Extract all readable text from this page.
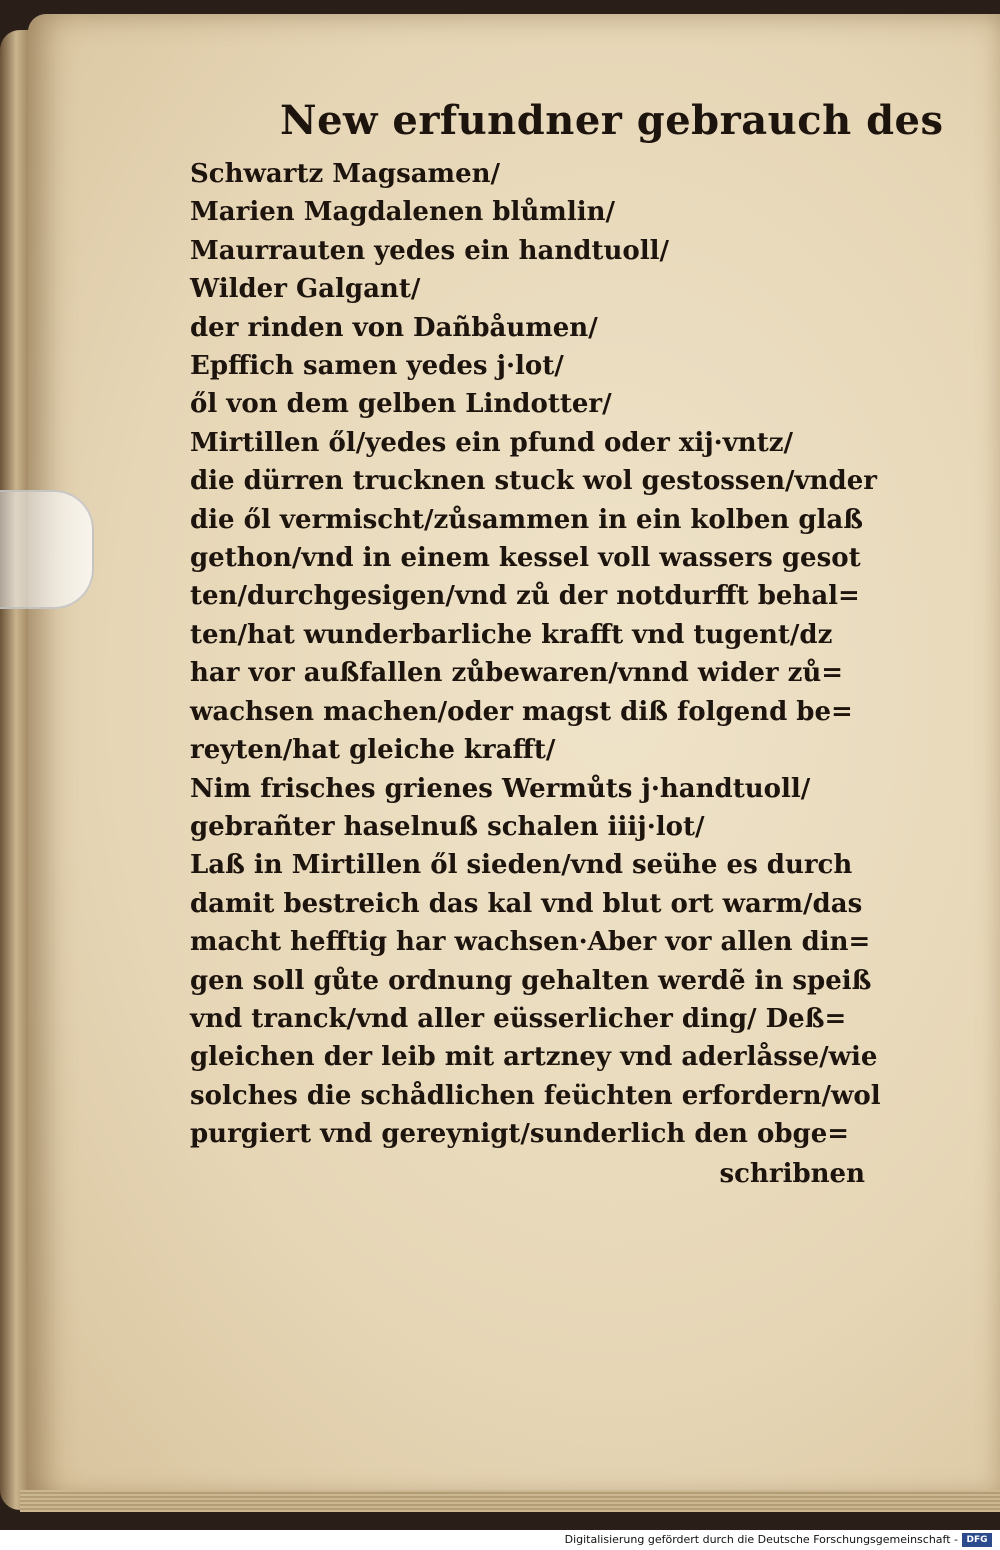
New erfundner gebrauch des
Schwartz Magsamen/
Marien Magdalenen blůmlin/
Maurrauten yedes ein handtuoll/
Wilder Galgant/
der rinden von Dañbåumen/
Epffich samen yedes j·lot/
ől von dem gelben Lindotter/
Mirtillen ől/yedes ein pfund oder xij·vntz/
die dürren trucknen stuck wol gestossen/vnder
die ől vermischt/zůsammen in ein kolben glaß
gethon/vnd in einem kessel voll wassers gesot
ten/durchgesigen/vnd zů der notdurfft behal=
ten/hat wunderbarliche krafft vnd tugent/dz
har vor außfallen zůbewaren/vnnd wider zů=
wachsen machen/oder magst diß folgend be=
reyten/hat gleiche krafft/
Nim frisches grienes Wermůts j·handtuoll/
gebrañter haselnuß schalen iiij·lot/
Laß in Mirtillen ől sieden/vnd seühe es durch
damit bestreich das kal vnd blut ort warm/das
macht hefftig har wachsen·Aber vor allen din=
gen soll gůte ordnung gehalten werdẽ in speiß
vnd tranck/vnd aller eüsserlicher ding/ Deß=
gleichen der leib mit artzney vnd aderlåsse/wie
solches die schådlichen feüchten erfordern/wol
purgiert vnd gereynigt/sunderlich den obge=
schribnen
Digitalisierung gefördert durch die Deutsche Forschungsgemeinschaft - DFG
